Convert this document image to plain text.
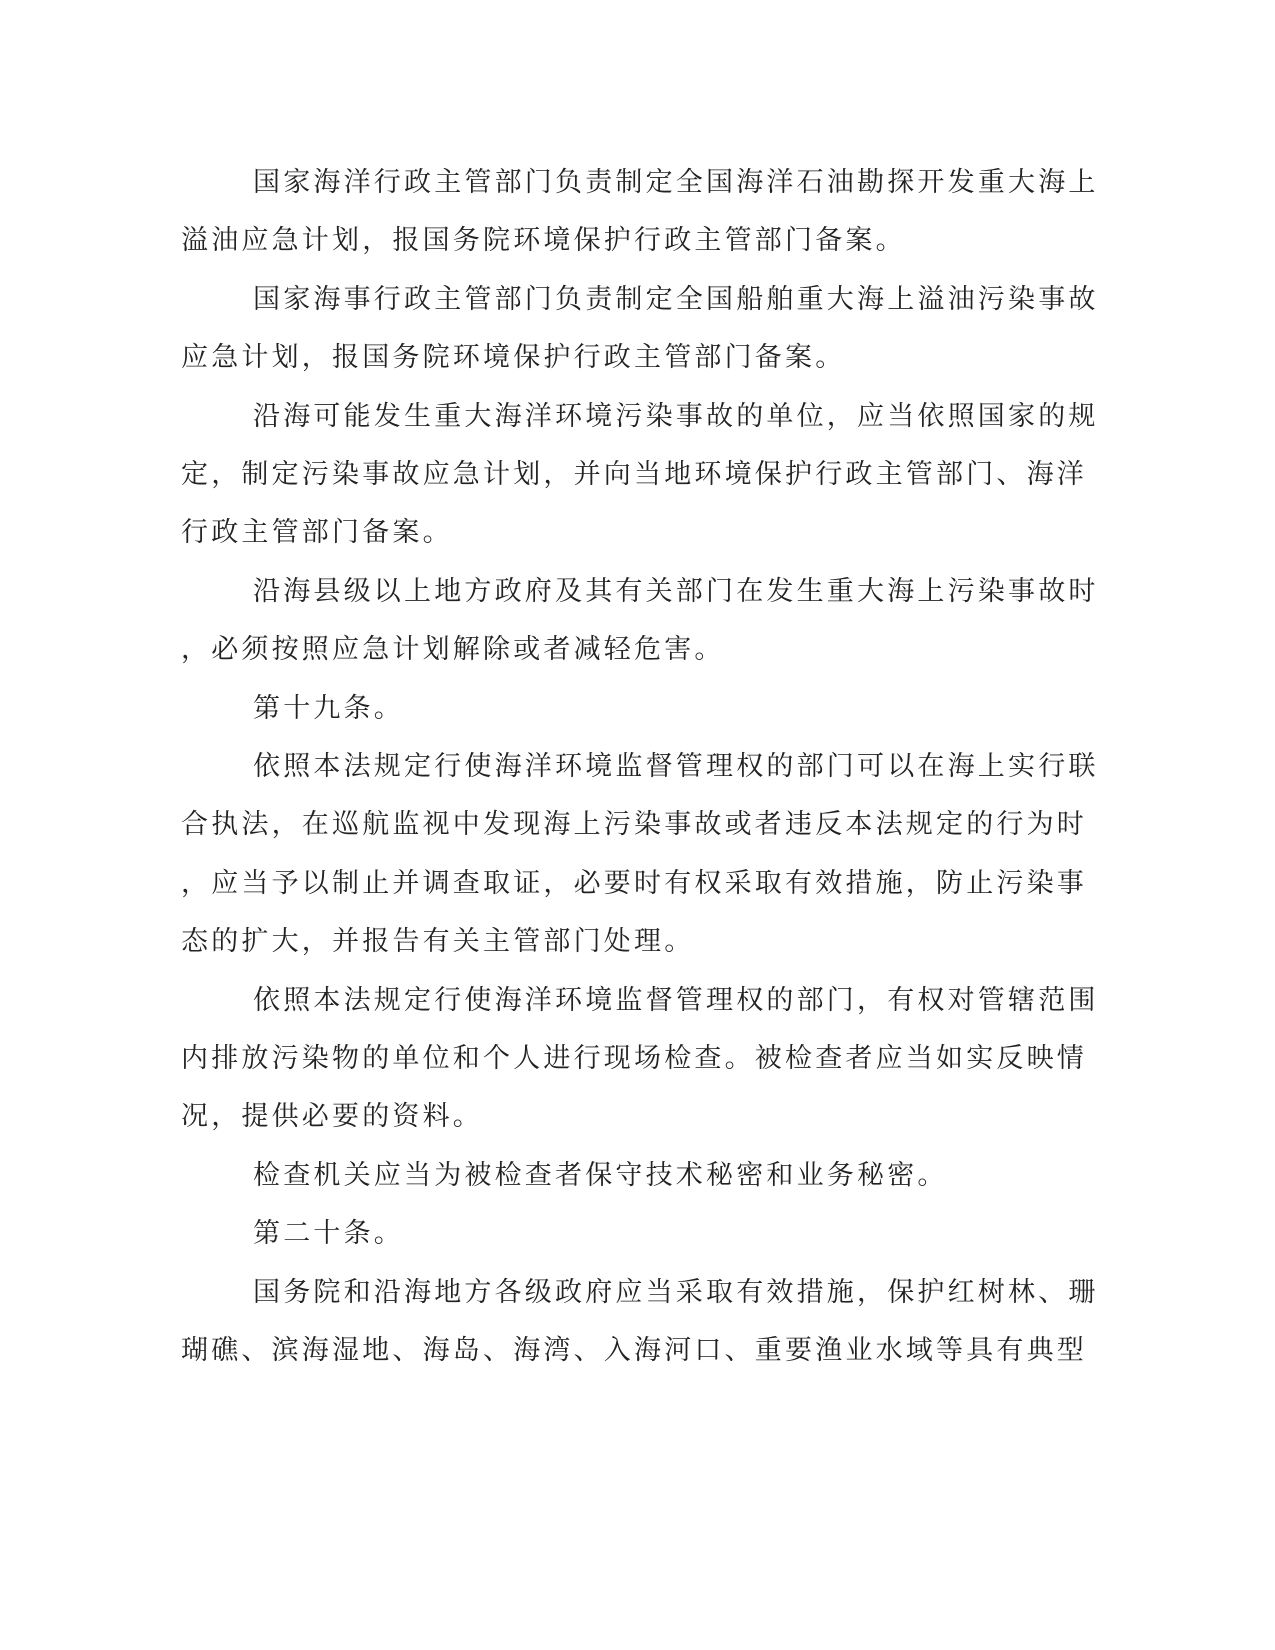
国家海洋行政主管部门负责制定全国海洋石油勘探开发重大海上
溢油应急计划，报国务院环境保护行政主管部门备案。
国家海事行政主管部门负责制定全国船舶重大海上溢油污染事故
应急计划，报国务院环境保护行政主管部门备案。
沿海可能发生重大海洋环境污染事故的单位，应当依照国家的规
定，制定污染事故应急计划，并向当地环境保护行政主管部门、海洋
行政主管部门备案。
沿海县级以上地方政府及其有关部门在发生重大海上污染事故时
，必须按照应急计划解除或者减轻危害。
第十九条。
依照本法规定行使海洋环境监督管理权的部门可以在海上实行联
合执法，在巡航监视中发现海上污染事故或者违反本法规定的行为时
，应当予以制止并调查取证，必要时有权采取有效措施，防止污染事
态的扩大，并报告有关主管部门处理。
依照本法规定行使海洋环境监督管理权的部门，有权对管辖范围
内排放污染物的单位和个人进行现场检查。被检查者应当如实反映情
况，提供必要的资料。
检查机关应当为被检查者保守技术秘密和业务秘密。
第二十条。
国务院和沿海地方各级政府应当采取有效措施，保护红树林、珊
瑚礁、滨海湿地、海岛、海湾、入海河口、重要渔业水域等具有典型
